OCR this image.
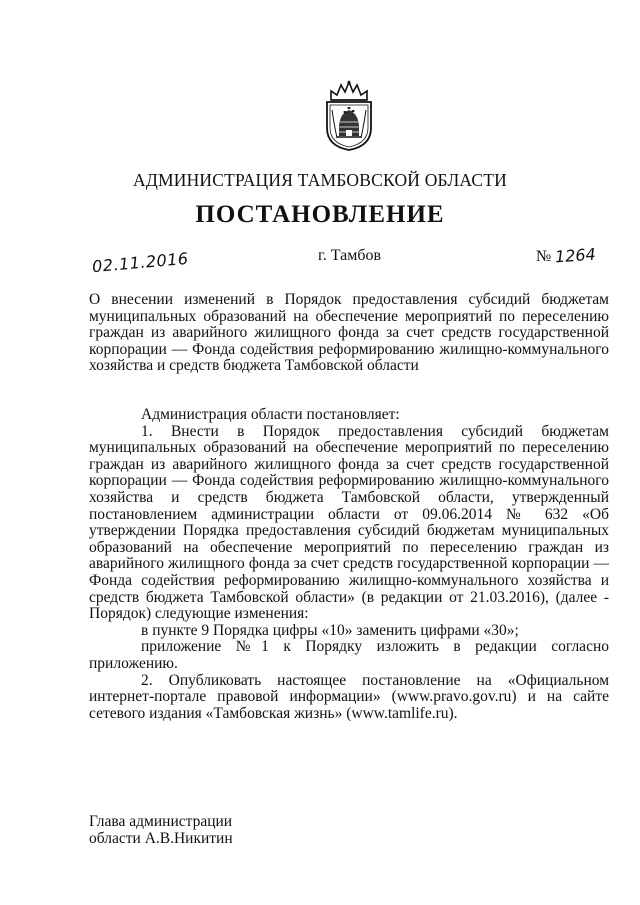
АДМИНИСТРАЦИЯ ТАМБОВСКОЙ ОБЛАСТИ
ПОСТАНОВЛЕНИЕ
02.11.2016	г. Тамбов	№ 1264
О внесении изменений в Порядок предоставления субсидий бюджетам муниципальных образований на обеспечение мероприятий по переселению граждан из аварийного жилищного фонда за счет средств государственной корпорации — Фонда содействия реформированию жилищно-коммунального хозяйства и средств бюджета Тамбовской области

Администрация области постановляет:

1. Внести в Порядок предоставления субсидий бюджетам муниципальных образований на обеспечение мероприятий по переселению граждан из аварийного жилищного фонда за счет средств государственной корпорации — Фонда содействия реформированию жилищно-коммунального хозяйства и средств бюджета Тамбовской области, утвержденный постановлением администрации области от 09.06.2014 № 632 «Об утверждении Порядка предоставления субсидий бюджетам муниципальных образований на обеспечение мероприятий по переселению граждан из аварийного жилищного фонда за счет средств государственной корпорации — Фонда содействия реформированию жилищно-коммунального хозяйства и средств бюджета Тамбовской области» (в редакции от 21.03.2016), (далее - Порядок) следующие изменения:

в пункте 9 Порядка цифры «10» заменить цифрами «30»;

приложение №1 к Порядку изложить в редакции согласно приложению.

2. Опубликовать настоящее постановление на «Официальном интернет-портале правовой информации» (www.pravo.gov.ru) и на сайте сетевого издания «Тамбовская жизнь» (www.tamlife.ru).

Глава администрации
области А.В.Никитин
